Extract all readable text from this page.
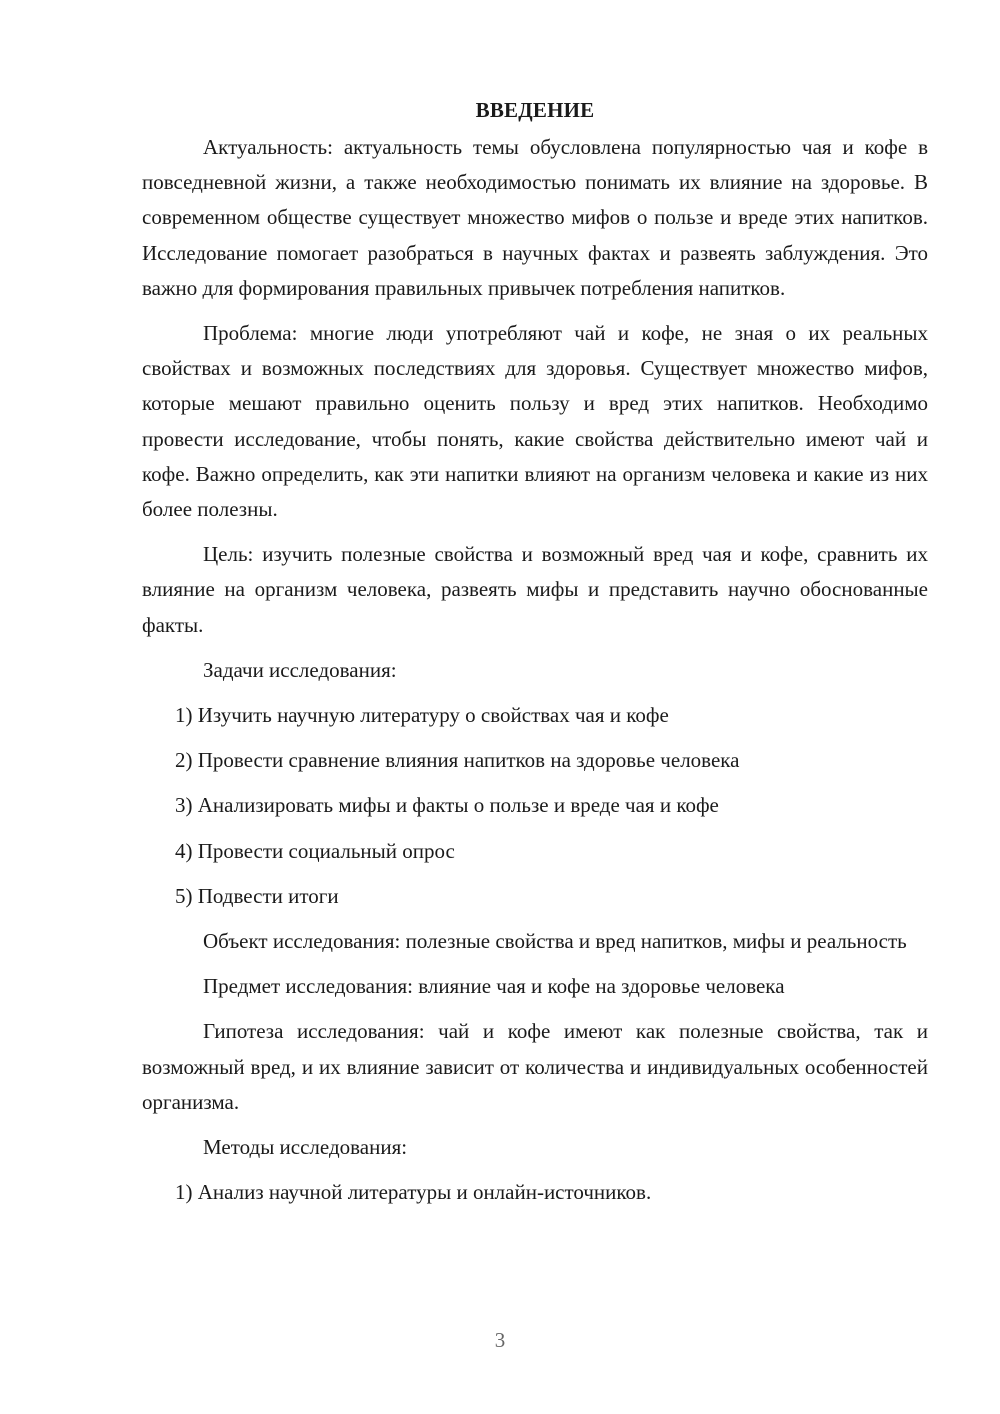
ВВЕДЕНИЕ

Актуальность: актуальность темы обусловлена популярностью чая и кофе в повседневной жизни, а также необходимостью понимать их влияние на здоровье. В современном обществе существует множество мифов о пользе и вреде этих напитков. Исследование помогает разобраться в научных фактах и развеять заблуждения. Это важно для формирования правильных привычек потребления напитков.

Проблема: многие люди употребляют чай и кофе, не зная о их реальных свойствах и возможных последствиях для здоровья. Существует множество мифов, которые мешают правильно оценить пользу и вред этих напитков. Необходимо провести исследование, чтобы понять, какие свойства действительно имеют чай и кофе. Важно определить, как эти напитки влияют на организм человека и какие из них более полезны.

Цель: изучить полезные свойства и возможный вред чая и кофе, сравнить их влияние на организм человека, развеять мифы и представить научно обоснованные факты.

Задачи исследования:

1) Изучить научную литературу о свойствах чая и кофе

2) Провести сравнение влияния напитков на здоровье человека

3) Анализировать мифы и факты о пользе и вреде чая и кофе

4) Провести социальный опрос

5) Подвести итоги

Объект исследования: полезные свойства и вред напитков, мифы и реальность

Предмет исследования: влияние чая и кофе на здоровье человека

Гипотеза исследования: чай и кофе имеют как полезные свойства, так и возможный вред, и их влияние зависит от количества и индивидуальных особенностей организма.

Методы исследования:

1) Анализ научной литературы и онлайн-источников.

3
